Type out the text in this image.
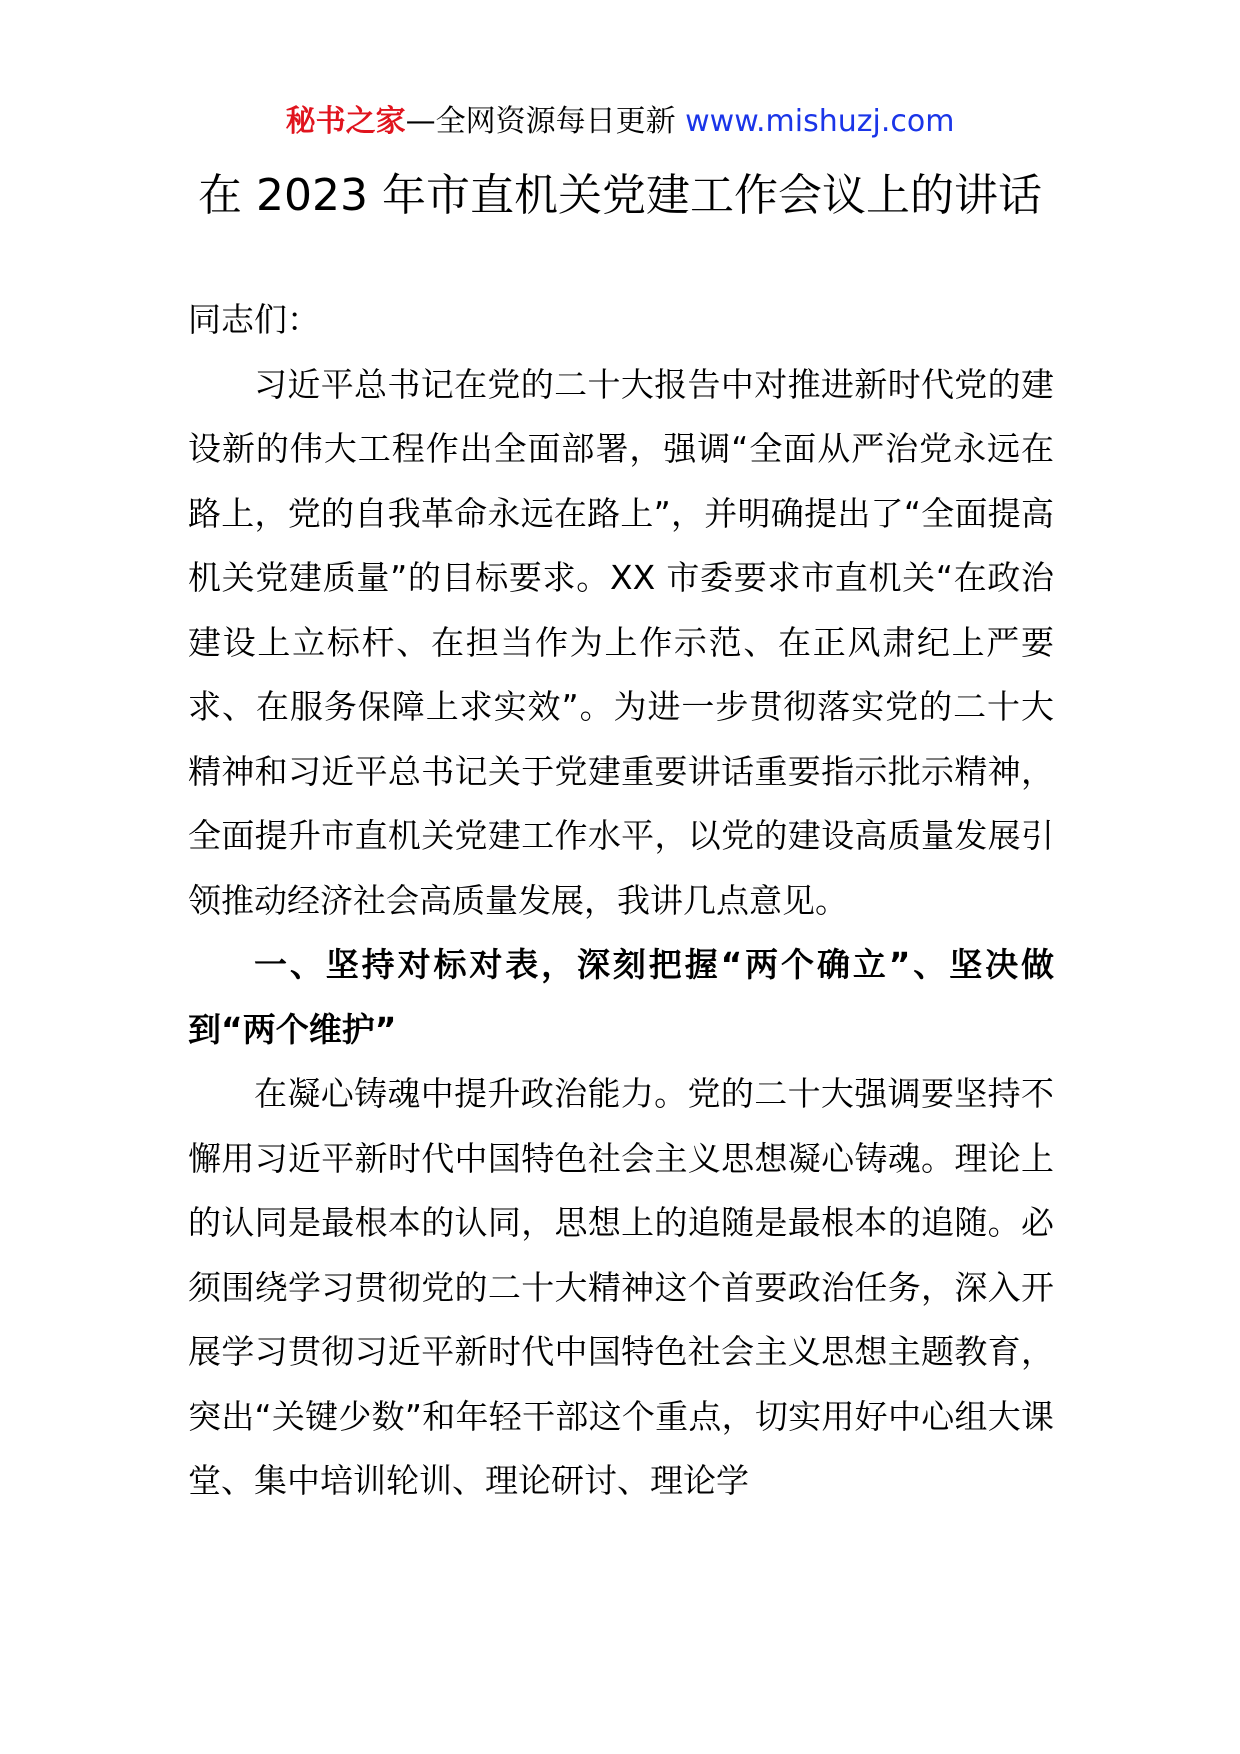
秘书之家—全网资源每日更新 www.mishuzj.com
在 2023 年市直机关党建工作会议上的讲话

同志们：

习近平总书记在党的二十大报告中对推进新时代党的建设新的伟大工程作出全面部署，强调“全面从严治党永远在路上，党的自我革命永远在路上”，并明确提出了“全面提高机关党建质量”的目标要求。XX 市委要求市直机关“在政治建设上立标杆、在担当作为上作示范、在正风肃纪上严要求、在服务保障上求实效”。为进一步贯彻落实党的二十大精神和习近平总书记关于党建重要讲话重要指示批示精神，全面提升市直机关党建工作水平，以党的建设高质量发展引领推动经济社会高质量发展，我讲几点意见。

一、坚持对标对表，深刻把握“两个确立”、坚决做到“两个维护”

在凝心铸魂中提升政治能力。党的二十大强调要坚持不懈用习近平新时代中国特色社会主义思想凝心铸魂。理论上的认同是最根本的认同，思想上的追随是最根本的追随。必须围绕学习贯彻党的二十大精神这个首要政治任务，深入开展学习贯彻习近平新时代中国特色社会主义思想主题教育，突出“关键少数”和年轻干部这个重点，切实用好中心组大课堂、集中培训轮训、理论研讨、理论学
